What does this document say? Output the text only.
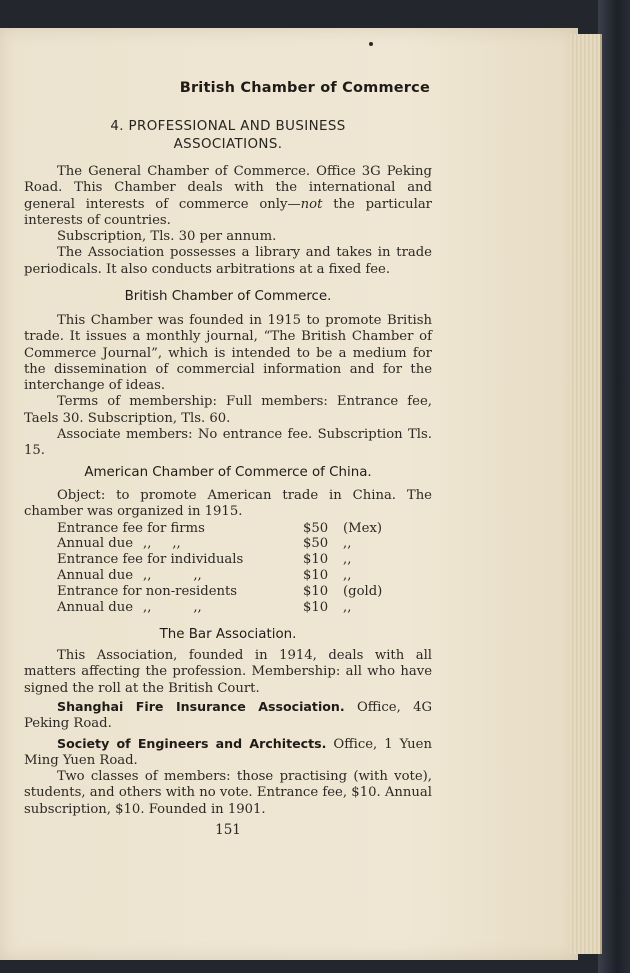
British Chamber of Commerce
4. PROFESSIONAL AND BUSINESS
ASSOCIATIONS.

The General Chamber of Commerce. Office 3G Peking Road. This Chamber deals with the international and general interests of commerce only—not the particular interests of countries.

Subscription, Tls. 30 per annum.

The Association possesses a library and takes in trade periodicals. It also conducts arbitrations at a fixed fee.

British Chamber of Commerce.

This Chamber was founded in 1915 to promote British trade. It issues a monthly journal, “The British Chamber of Commerce Journal”, which is intended to be a medium for the dissemination of commercial information and for the interchange of ideas.

Terms of membership: Full members: Entrance fee, Taels 30. Subscription, Tls. 60.

Associate members: No entrance fee. Subscription Tls. 15.

American Chamber of Commerce of China.

Object: to promote American trade in China. The chamber was organized in 1915.

Entrance fee for firms	$50	(Mex)
Annual due ,,     ,,	$50	,,
Entrance fee for individuals	$10	,,
Annual due ,,          ,,	$10	,,
Entrance for non-residents	$10	(gold)
Annual due ,,          ,,	$10	,,
The Bar Association.

This Association, founded in 1914, deals with all matters affecting the profession. Membership: all who have signed the roll at the British Court.

Shanghai Fire Insurance Association. Office, 4G Peking Road.

Society of Engineers and Architects. Office, 1 Yuen Ming Yuen Road.

Two classes of members: those practising (with vote), students, and others with no vote. Entrance fee, $10. Annual subscription, $10. Founded in 1901.

151
